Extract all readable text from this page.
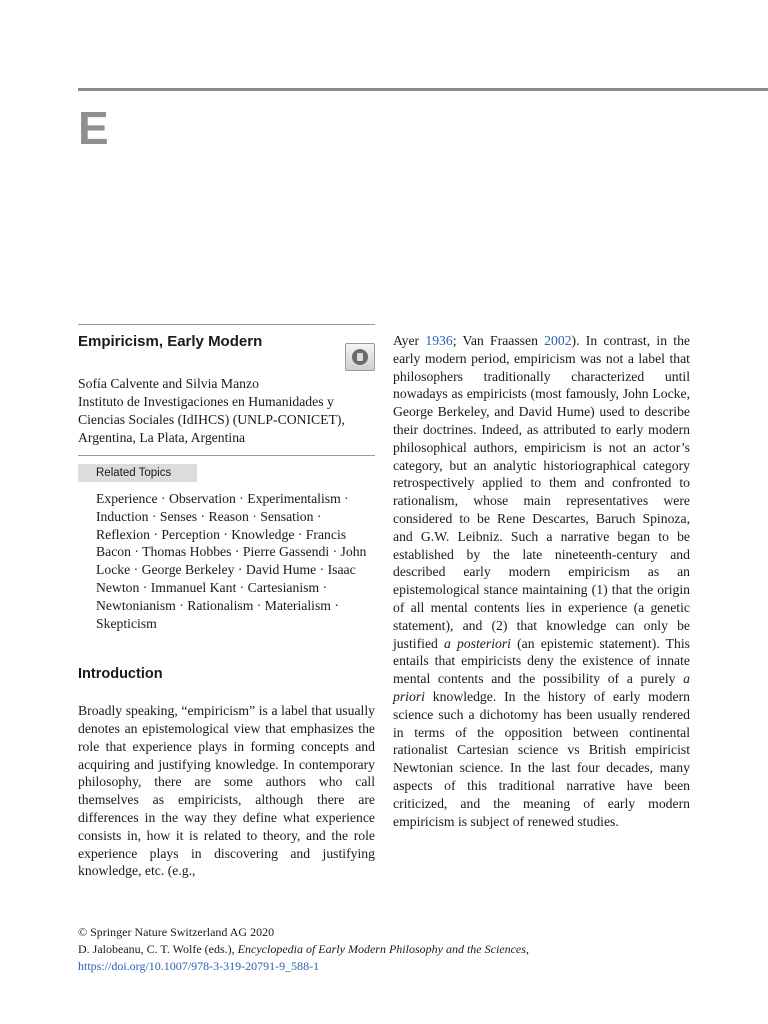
E
Empiricism, Early Modern
Sofía Calvente and Silvia Manzo
Instituto de Investigaciones en Humanidades y
Ciencias Sociales (IdIHCS) (UNLP-CONICET),
Argentina, La Plata, Argentina
Related Topics
Experience · Observation · Experimentalism · Induction · Senses · Reason · Sensation · Reflexion · Perception · Knowledge · Francis Bacon · Thomas Hobbes · Pierre Gassendi · John Locke · George Berkeley · David Hume · Isaac Newton · Immanuel Kant · Cartesianism · Newtonianism · Rationalism · Materialism · Skepticism
Introduction

Broadly speaking, “empiricism” is a label that usually denotes an epistemological view that emphasizes the role that experience plays in forming concepts and acquiring and justifying knowledge. In contemporary philosophy, there are some authors who call themselves as empiricists, although there are differences in the way they define what experience consists in, how it is related to theory, and the role experience plays in discovering and justifying knowledge, etc. (e.g.,

Ayer 1936; Van Fraassen 2002). In contrast, in the early modern period, empiricism was not a label that philosophers traditionally characterized until nowadays as empiricists (most famously, John Locke, George Berkeley, and David Hume) used to describe their doctrines. Indeed, as attributed to early modern philosophical authors, empiricism is not an actor’s category, but an analytic historiographical category retrospectively applied to them and confronted to rationalism, whose main representatives were considered to be Rene Descartes, Baruch Spinoza, and G.W. Leibniz. Such a narrative began to be established by the late nineteenth-century and described early modern empiricism as an epistemological stance maintaining (1) that the origin of all mental contents lies in experience (a genetic statement), and (2) that knowledge can only be justified a posteriori (an epistemic statement). This entails that empiricists deny the existence of innate mental contents and the possibility of a purely a priori knowledge. In the history of early modern science such a dichotomy has been usually rendered in terms of the opposition between continental rationalist Cartesian science vs British empiricist Newtonian science. In the last four decades, many aspects of this traditional narrative have been criticized, and the meaning of early modern empiricism is subject of renewed studies.

© Springer Nature Switzerland AG 2020
D. Jalobeanu, C. T. Wolfe (eds.), Encyclopedia of Early Modern Philosophy and the Sciences,
https://doi.org/10.1007/978-3-319-20791-9_588-1
